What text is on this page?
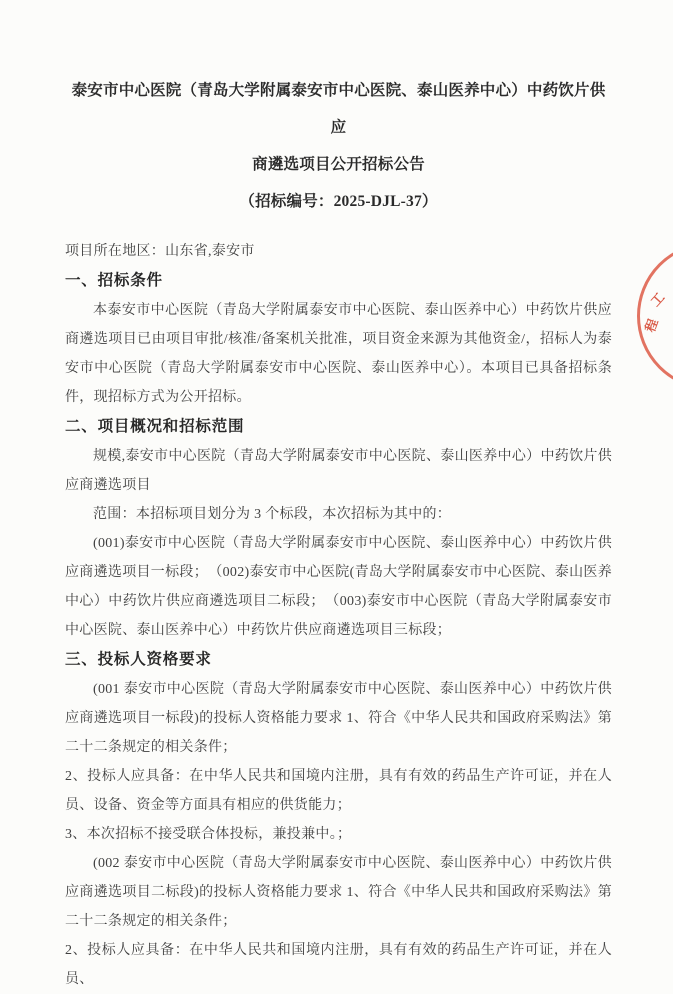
泰安市中心医院（青岛大学附属泰安市中心医院、泰山医养中心）中药饮片供应
商遴选项目公开招标公告
（招标编号：2025-DJL-37）

项目所在地区：山东省,泰安市

一、招标条件

本泰安市中心医院（青岛大学附属泰安市中心医院、泰山医养中心）中药饮片供应商遴选项目已由项目审批/核准/备案机关批准，项目资金来源为其他资金/，招标人为泰安市中心医院（青岛大学附属泰安市中心医院、泰山医养中心）。本项目已具备招标条件，现招标方式为公开招标。

二、项目概况和招标范围

规模,泰安市中心医院（青岛大学附属泰安市中心医院、泰山医养中心）中药饮片供应商遴选项目

范围：本招标项目划分为 3 个标段，本次招标为其中的：

(001)泰安市中心医院（青岛大学附属泰安市中心医院、泰山医养中心）中药饮片供应商遴选项目一标段；　（002)泰安市中心医院(青岛大学附属泰安市中心医院、泰山医养中心）中药饮片供应商遴选项目二标段；　（003)泰安市中心医院（青岛大学附属泰安市中心医院、泰山医养中心）中药饮片供应商遴选项目三标段；

三、投标人资格要求

(001 泰安市中心医院（青岛大学附属泰安市中心医院、泰山医养中心）中药饮片供应商遴选项目一标段)的投标人资格能力要求 1、符合《中华人民共和国政府采购法》第二十二条规定的相关条件；

2、投标人应具备：在中华人民共和国境内注册，具有有效的药品生产许可证，并在人员、设备、资金等方面具有相应的供货能力；

3、本次招标不接受联合体投标，兼投兼中。；

(002 泰安市中心医院（青岛大学附属泰安市中心医院、泰山医养中心）中药饮片供应商遴选项目二标段)的投标人资格能力要求 1、符合《中华人民共和国政府采购法》第二十二条规定的相关条件；

2、投标人应具备：在中华人民共和国境内注册，具有有效的药品生产许可证，并在人员、

工
程
